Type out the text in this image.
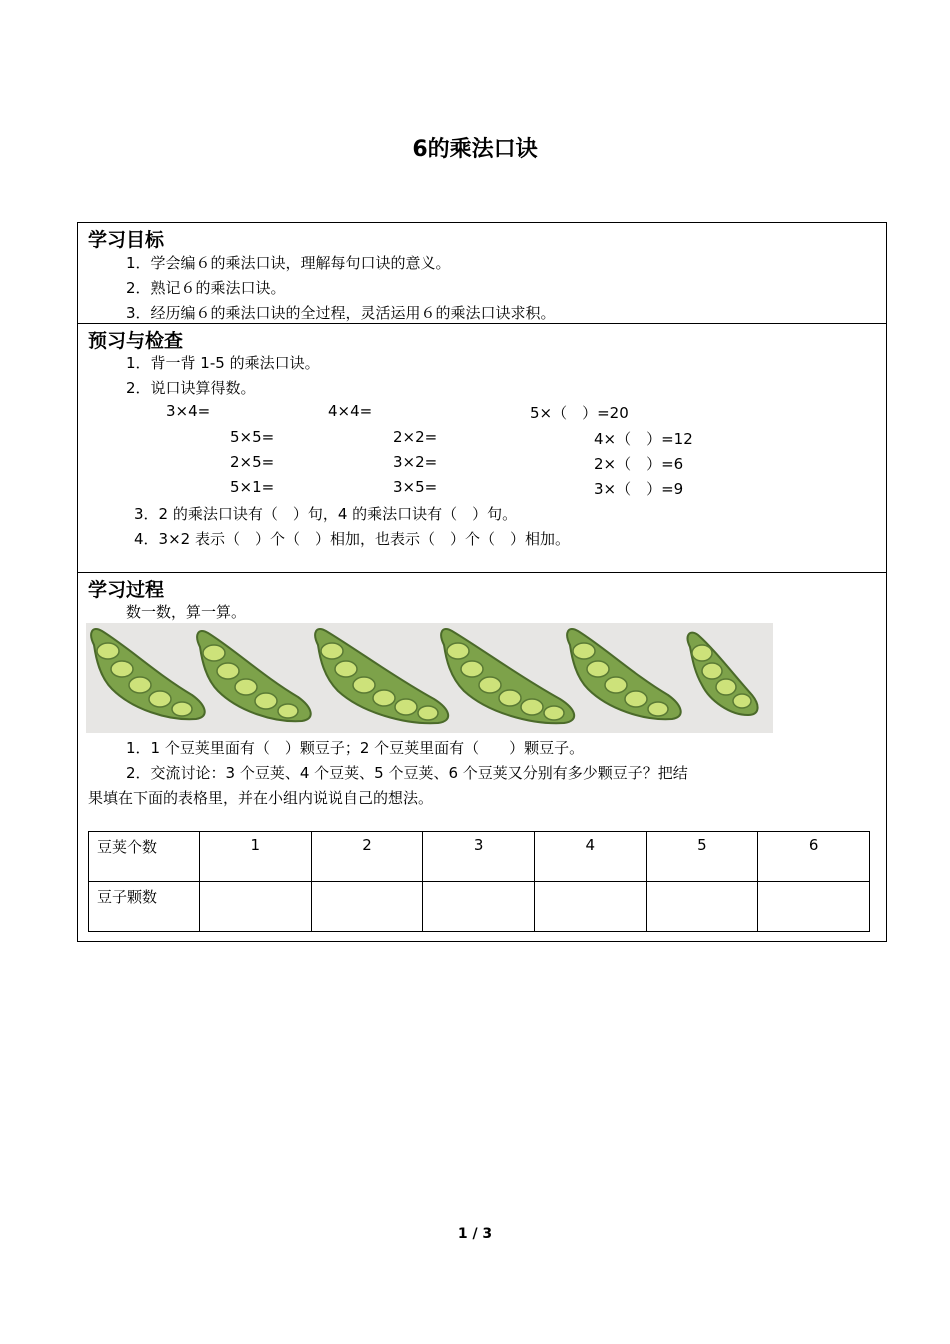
6的乘法口诀
学习目标
1．学会编６的乘法口诀，理解每句口诀的意义。
2．熟记６的乘法口诀。
3．经历编６的乘法口诀的全过程，灵活运用６的乘法口诀求积。
预习与检查
1．背一背 1-5 的乘法口诀。
2．说口诀算得数。
3×4=	4×4=	5×（　）=20
5×5=	2×2=	4×（　）=12
2×5=	3×2=	2×（　）=6
5×1=	3×5=	3×（　）=9
3．2 的乘法口诀有（　）句，4 的乘法口诀有（　）句。
4．3×2 表示（　）个（　）相加，也表示（　）个（　）相加。
学习过程
数一数，算一算。
1．1 个豆荚里面有（　）颗豆子；2 个豆荚里面有（　　）颗豆子。
2．交流讨论：3 个豆荚、4 个豆荚、5 个豆荚、6 个豆荚又分别有多少颗豆子？把结
果填在下面的表格里，并在小组内说说自己的想法。
豆荚个数	1	2	3	4	5	6
豆子颗数						
1 / 3
